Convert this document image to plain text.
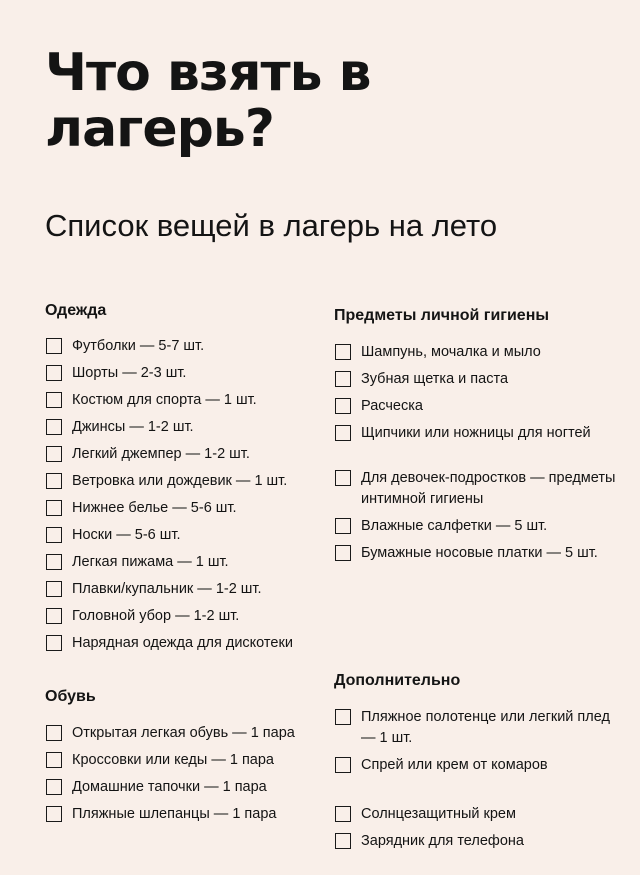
Что взять в
лагерь?
Список вещей в лагерь на лето
Одежда
Футболки — 5-7 шт.
Шорты — 2-3 шт.
Костюм для спорта — 1 шт.
Джинсы — 1-2 шт.
Легкий джемпер — 1-2 шт.
Ветровка или дождевик — 1 шт.
Нижнее белье — 5-6 шт.
Носки — 5-6 шт.
Легкая пижама — 1 шт.
Плавки/купальник — 1-2 шт.
Головной убор — 1-2 шт.
Нарядная одежда для дискотеки
Обувь
Открытая легкая обувь — 1 пара
Кроссовки или кеды — 1 пара
Домашние тапочки — 1 пара
Пляжные шлепанцы — 1 пара
Предметы личной гигиены
Шампунь, мочалка и мыло
Зубная щетка и паста
Расческа
Щипчики или ножницы для ногтей
Для девочек-подростков — предметы интимной гигиены
Влажные салфетки — 5 шт.
Бумажные носовые платки — 5 шт.
Дополнительно
Пляжное полотенце или легкий плед — 1 шт.
Спрей или крем от комаров
Солнцезащитный крем
Зарядник для телефона
